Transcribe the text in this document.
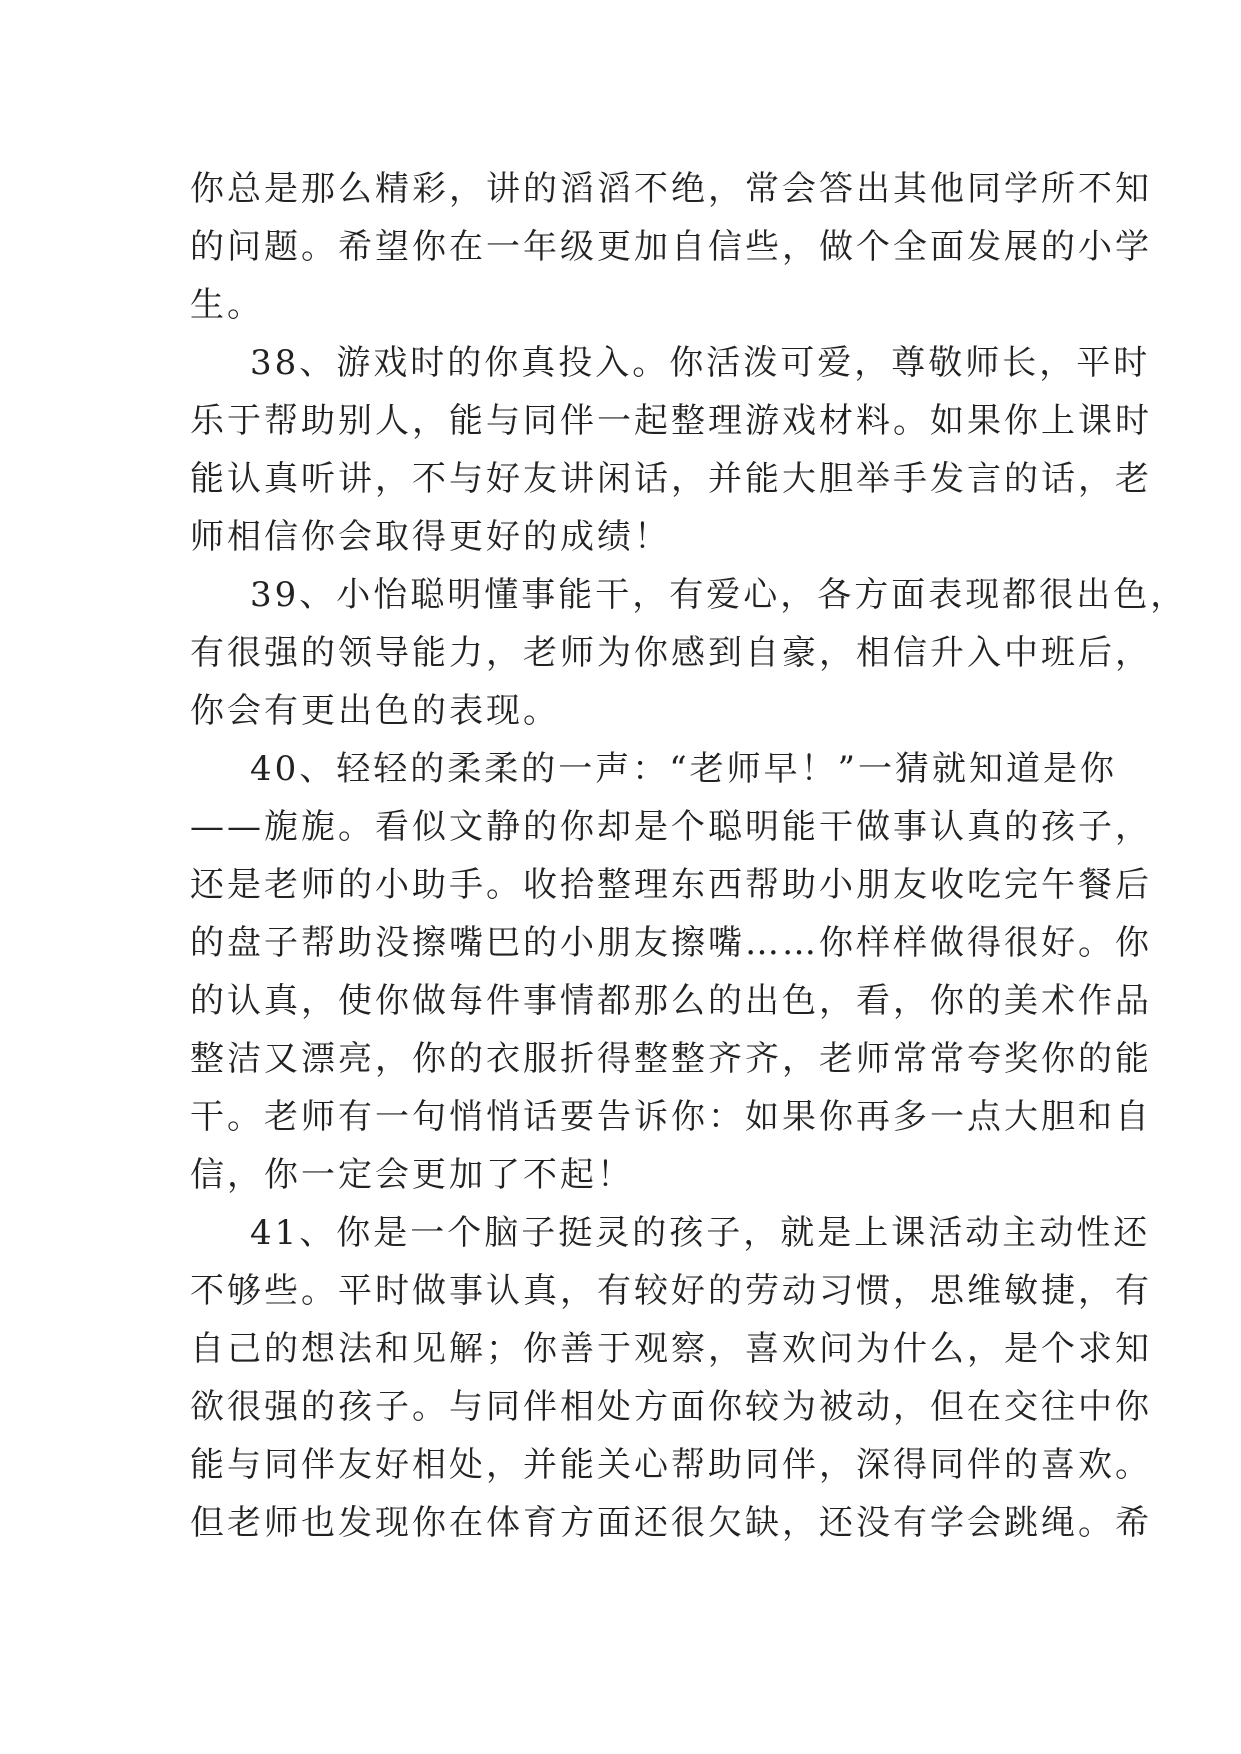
你总是那么精彩，讲的滔滔不绝，常会答出其他同学所不知
的问题。希望你在一年级更加自信些，做个全面发展的小学
生。
38、游戏时的你真投入。你活泼可爱，尊敬师长，平时
乐于帮助别人，能与同伴一起整理游戏材料。如果你上课时
能认真听讲，不与好友讲闲话，并能大胆举手发言的话，老
师相信你会取得更好的成绩！
39、小怡聪明懂事能干，有爱心，各方面表现都很出色，
有很强的领导能力，老师为你感到自豪，相信升入中班后，
你会有更出色的表现。
40、轻轻的柔柔的一声：“老师早！”一猜就知道是你
——旎旎。看似文静的你却是个聪明能干做事认真的孩子，
还是老师的小助手。收拾整理东西帮助小朋友收吃完午餐后
的盘子帮助没擦嘴巴的小朋友擦嘴……你样样做得很好。你
的认真，使你做每件事情都那么的出色，看，你的美术作品
整洁又漂亮，你的衣服折得整整齐齐，老师常常夸奖你的能
干。老师有一句悄悄话要告诉你：如果你再多一点大胆和自
信，你一定会更加了不起！
41、你是一个脑子挺灵的孩子，就是上课活动主动性还
不够些。平时做事认真，有较好的劳动习惯，思维敏捷，有
自己的想法和见解；你善于观察，喜欢问为什么，是个求知
欲很强的孩子。与同伴相处方面你较为被动，但在交往中你
能与同伴友好相处，并能关心帮助同伴，深得同伴的喜欢。
但老师也发现你在体育方面还很欠缺，还没有学会跳绳。希
